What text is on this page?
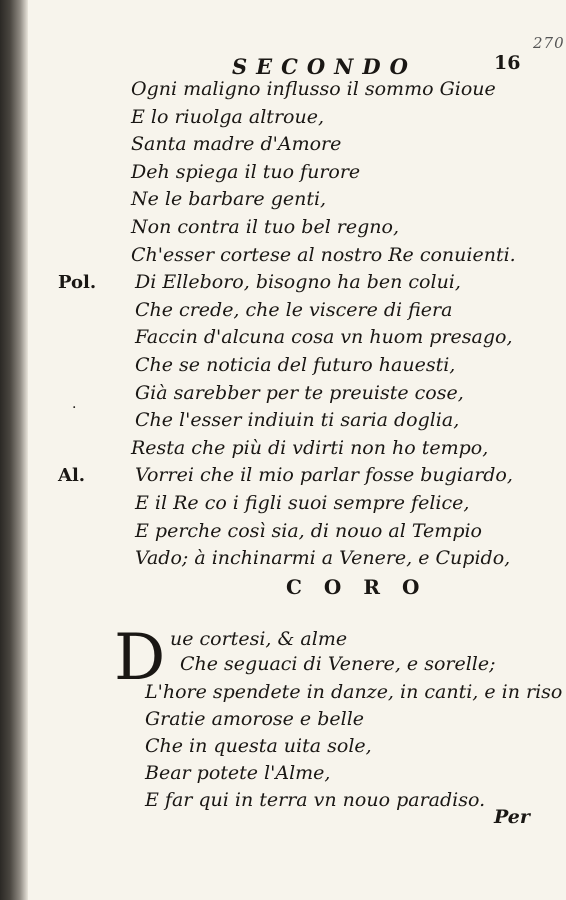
SECONDO	16
270
·
Ogni maligno influsso il sommo Gioue
E lo riuolga altroue,
Santa madre d'Amore
Deh spiega il tuo furore
Ne le barbare genti,
Non contra il tuo bel regno,
Ch'esser cortese al nostro Re conuienti.
Pol. Di Elleboro, bisogno ha ben colui,
Che crede, che le viscere di fiera
Faccin d'alcuna cosa vn huom presago,
Che se noticia del futuro hauesti,
Già sarebber per te preuiste cose,
Che l'esser indiuin ti saria doglia,
Resta che più di vdirti non ho tempo,
Al.	Vorrei che il mio parlar fosse bugiardo,
E il Re co i figli suoi sempre felice,
E perche così sia, di nouo al Tempio
Vado; à inchinarmi a Venere, e Cupido,
CORO
D ue cortesi, & alme
Che seguaci di Venere, e sorelle;
L'hore spendete in danze, in canti, e in riso
Gratie amorose e belle
Che in questa uita sole,
Bear potete l'Alme,
E far qui in terra vn nouo paradiso.
Per
